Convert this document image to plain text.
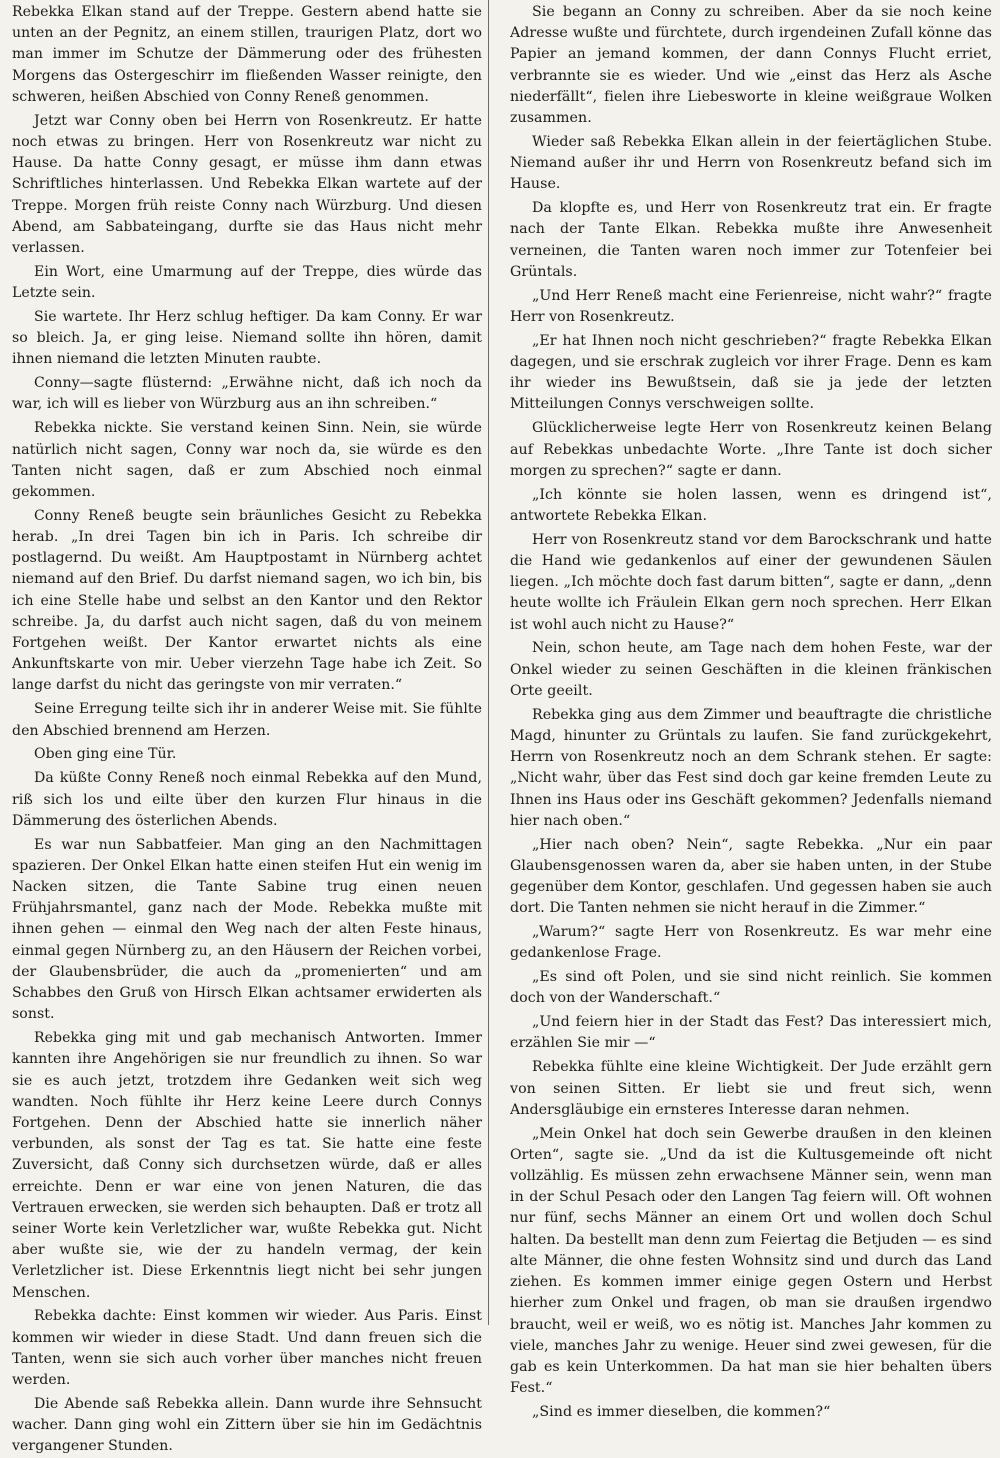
Rebekka Elkan stand auf der Treppe. Gestern abend hatte sie unten an der Pegnitz, an einem stillen, traurigen Platz, dort wo man immer im Schutze der Dämmerung oder des frühesten Morgens das Ostergeschirr im fließenden Wasser reinigte, den schweren, heißen Abschied von Conny Reneß genommen.

Jetzt war Conny oben bei Herrn von Rosenkreutz. Er hatte noch etwas zu bringen. Herr von Rosenkreutz war nicht zu Hause. Da hatte Conny gesagt, er müsse ihm dann etwas Schriftliches hinterlassen. Und Rebekka Elkan wartete auf der Treppe. Morgen früh reiste Conny nach Würzburg. Und diesen Abend, am Sabbateingang, durfte sie das Haus nicht mehr verlassen.

Ein Wort, eine Umarmung auf der Treppe, dies würde das Letzte sein.

Sie wartete. Ihr Herz schlug heftiger. Da kam Conny. Er war so bleich. Ja, er ging leise. Niemand sollte ihn hören, damit ihnen niemand die letzten Minuten raubte.

Conny—sagte flüsternd: „Erwähne nicht, daß ich noch da war, ich will es lieber von Würzburg aus an ihn schreiben.“

Rebekka nickte. Sie verstand keinen Sinn. Nein, sie würde natürlich nicht sagen, Conny war noch da, sie würde es den Tanten nicht sagen, daß er zum Abschied noch einmal gekommen.

Conny Reneß beugte sein bräunliches Gesicht zu Rebekka herab. „In drei Tagen bin ich in Paris. Ich schreibe dir postlagernd. Du weißt. Am Hauptpostamt in Nürnberg achtet niemand auf den Brief. Du darfst niemand sagen, wo ich bin, bis ich eine Stelle habe und selbst an den Kantor und den Rektor schreibe. Ja, du darfst auch nicht sagen, daß du von meinem Fortgehen weißt. Der Kantor erwartet nichts als eine Ankunftskarte von mir. Ueber vierzehn Tage habe ich Zeit. So lange darfst du nicht das geringste von mir verraten.“

Seine Erregung teilte sich ihr in anderer Weise mit. Sie fühlte den Abschied brennend am Herzen.

Oben ging eine Tür.

Da küßte Conny Reneß noch einmal Rebekka auf den Mund, riß sich los und eilte über den kurzen Flur hinaus in die Dämmerung des österlichen Abends.

Es war nun Sabbatfeier. Man ging an den Nachmittagen spazieren. Der Onkel Elkan hatte einen steifen Hut ein wenig im Nacken sitzen, die Tante Sabine trug einen neuen Frühjahrsmantel, ganz nach der Mode. Rebekka mußte mit ihnen gehen — einmal den Weg nach der alten Feste hinaus, einmal gegen Nürnberg zu, an den Häusern der Reichen vorbei, der Glaubensbrüder, die auch da „promenierten“ und am Schabbes den Gruß von Hirsch Elkan achtsamer erwiderten als sonst.

Rebekka ging mit und gab mechanisch Antworten. Immer kannten ihre Angehörigen sie nur freundlich zu ihnen. So war sie es auch jetzt, trotzdem ihre Gedanken weit sich weg wandten. Noch fühlte ihr Herz keine Leere durch Connys Fortgehen. Denn der Abschied hatte sie innerlich näher verbunden, als sonst der Tag es tat. Sie hatte eine feste Zuversicht, daß Conny sich durchsetzen würde, daß er alles erreichte. Denn er war eine von jenen Naturen, die das Vertrauen erwecken, sie werden sich behaupten. Daß er trotz all seiner Worte kein Verletzlicher war, wußte Rebekka gut. Nicht aber wußte sie, wie der zu handeln vermag, der kein Verletzlicher ist. Diese Erkenntnis liegt nicht bei sehr jungen Menschen.

Rebekka dachte: Einst kommen wir wieder. Aus Paris. Einst kommen wir wieder in diese Stadt. Und dann freuen sich die Tanten, wenn sie sich auch vorher über manches nicht freuen werden.

Die Abende saß Rebekka allein. Dann wurde ihre Sehnsucht wacher. Dann ging wohl ein Zittern über sie hin im Gedächtnis vergangener Stunden.

Sie begann an Conny zu schreiben. Aber da sie noch keine Adresse wußte und fürchtete, durch irgendeinen Zufall könne das Papier an jemand kommen, der dann Connys Flucht erriet, verbrannte sie es wieder. Und wie „einst das Herz als Asche niederfällt“, fielen ihre Liebesworte in kleine weißgraue Wolken zusammen.

Wieder saß Rebekka Elkan allein in der feiertäglichen Stube. Niemand außer ihr und Herrn von Rosenkreutz befand sich im Hause.

Da klopfte es, und Herr von Rosenkreutz trat ein. Er fragte nach der Tante Elkan. Rebekka mußte ihre Anwesenheit verneinen, die Tanten waren noch immer zur Totenfeier bei Grüntals.

„Und Herr Reneß macht eine Ferienreise, nicht wahr?“ fragte Herr von Rosenkreutz.

„Er hat Ihnen noch nicht geschrieben?“ fragte Rebekka Elkan dagegen, und sie erschrak zugleich vor ihrer Frage. Denn es kam ihr wieder ins Bewußtsein, daß sie ja jede der letzten Mitteilungen Connys verschweigen sollte.

Glücklicherweise legte Herr von Rosenkreutz keinen Belang auf Rebekkas unbedachte Worte. „Ihre Tante ist doch sicher morgen zu sprechen?“ sagte er dann.

„Ich könnte sie holen lassen, wenn es dringend ist“, antwortete Rebekka Elkan.

Herr von Rosenkreutz stand vor dem Barockschrank und hatte die Hand wie gedankenlos auf einer der gewundenen Säulen liegen. „Ich möchte doch fast darum bitten“, sagte er dann, „denn heute wollte ich Fräulein Elkan gern noch sprechen. Herr Elkan ist wohl auch nicht zu Hause?“

Nein, schon heute, am Tage nach dem hohen Feste, war der Onkel wieder zu seinen Geschäften in die kleinen fränkischen Orte geeilt.

Rebekka ging aus dem Zimmer und beauftragte die christliche Magd, hinunter zu Grüntals zu laufen. Sie fand zurückgekehrt, Herrn von Rosenkreutz noch an dem Schrank stehen. Er sagte: „Nicht wahr, über das Fest sind doch gar keine fremden Leute zu Ihnen ins Haus oder ins Geschäft gekommen? Jedenfalls niemand hier nach oben.“

„Hier nach oben? Nein“, sagte Rebekka. „Nur ein paar Glaubensgenossen waren da, aber sie haben unten, in der Stube gegenüber dem Kontor, geschlafen. Und gegessen haben sie auch dort. Die Tanten nehmen sie nicht herauf in die Zimmer.“

„Warum?“ sagte Herr von Rosenkreutz. Es war mehr eine gedankenlose Frage.

„Es sind oft Polen, und sie sind nicht reinlich. Sie kommen doch von der Wanderschaft.“

„Und feiern hier in der Stadt das Fest? Das interessiert mich, erzählen Sie mir —“

Rebekka fühlte eine kleine Wichtigkeit. Der Jude erzählt gern von seinen Sitten. Er liebt sie und freut sich, wenn Andersgläubige ein ernsteres Interesse daran nehmen.

„Mein Onkel hat doch sein Gewerbe draußen in den kleinen Orten“, sagte sie. „Und da ist die Kultusgemeinde oft nicht vollzählig. Es müssen zehn erwachsene Männer sein, wenn man in der Schul Pesach oder den Langen Tag feiern will. Oft wohnen nur fünf, sechs Männer an einem Ort und wollen doch Schul halten. Da bestellt man denn zum Feiertag die Betjuden — es sind alte Männer, die ohne festen Wohnsitz sind und durch das Land ziehen. Es kommen immer einige gegen Ostern und Herbst hierher zum Onkel und fragen, ob man sie draußen irgendwo braucht, weil er weiß, wo es nötig ist. Manches Jahr kommen zu viele, manches Jahr zu wenige. Heuer sind zwei gewesen, für die gab es kein Unterkommen. Da hat man sie hier behalten übers Fest.“

„Sind es immer dieselben, die kommen?“
